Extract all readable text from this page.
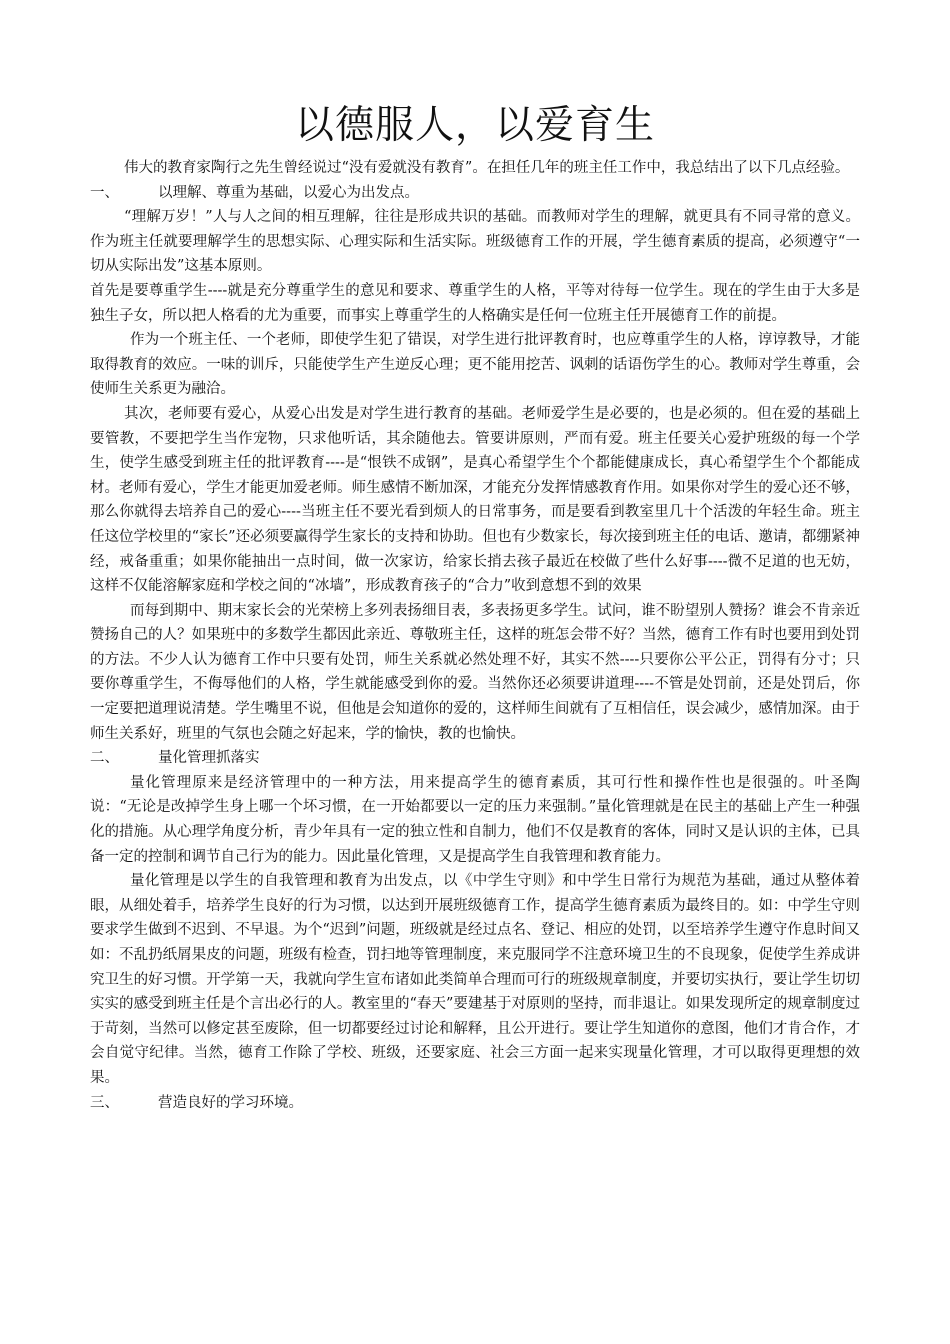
以德服人，以爱育生

伟大的教育家陶行之先生曾经说过“没有爱就没有教育”。在担任几年的班主任工作中，我总结出了以下几点经验。

一、	以理解、尊重为基础，以爱心为出发点。

“理解万岁！”人与人之间的相互理解，往往是形成共识的基础。而教师对学生的理解，就更具有不同寻常的意义。作为班主任就要理解学生的思想实际、心理实际和生活实际。班级德育工作的开展，学生德育素质的提高，必须遵守“一切从实际出发”这基本原则。

首先是要尊重学生----就是充分尊重学生的意见和要求、尊重学生的人格，平等对待每一位学生。现在的学生由于大多是独生子女，所以把人格看的尤为重要，而事实上尊重学生的人格确实是任何一位班主任开展德育工作的前提。

作为一个班主任、一个老师，即使学生犯了错误，对学生进行批评教育时，也应尊重学生的人格，谆谆教导，才能取得教育的效应。一味的训斥，只能使学生产生逆反心理；更不能用挖苦、讽刺的话语伤学生的心。教师对学生尊重，会使师生关系更为融洽。

其次，老师要有爱心，从爱心出发是对学生进行教育的基础。老师爱学生是必要的，也是必须的。但在爱的基础上要管教，不要把学生当作宠物，只求他听话，其余随他去。管要讲原则，严而有爱。班主任要关心爱护班级的每一个学生，使学生感受到班主任的批评教育----是“恨铁不成钢”，是真心希望学生个个都能健康成长，真心希望学生个个都能成材。老师有爱心，学生才能更加爱老师。师生感情不断加深，才能充分发挥情感教育作用。如果你对学生的爱心还不够，那么你就得去培养自己的爱心----当班主任不要光看到烦人的日常事务，而是要看到教室里几十个活泼的年轻生命。班主任这位学校里的“家长”还必须要赢得学生家长的支持和协助。但也有少数家长，每次接到班主任的电话、邀请，都绷紧神经，戒备重重；如果你能抽出一点时间，做一次家访，给家长捎去孩子最近在校做了些什么好事----微不足道的也无妨，这样不仅能溶解家庭和学校之间的“冰墙”，形成教育孩子的“合力”收到意想不到的效果

而每到期中、期末家长会的光荣榜上多列表扬细目表，多表扬更多学生。试问，谁不盼望别人赞扬？谁会不肯亲近赞扬自己的人？如果班中的多数学生都因此亲近、尊敬班主任，这样的班怎会带不好？当然，德育工作有时也要用到处罚的方法。不少人认为德育工作中只要有处罚，师生关系就必然处理不好，其实不然----只要你公平公正，罚得有分寸；只要你尊重学生，不侮辱他们的人格，学生就能感受到你的爱。当然你还必须要讲道理----不管是处罚前，还是处罚后，你一定要把道理说清楚。学生嘴里不说，但他是会知道你的爱的，这样师生间就有了互相信任，误会减少，感情加深。由于师生关系好，班里的气氛也会随之好起来，学的愉快，教的也愉快。

二、	量化管理抓落实

量化管理原来是经济管理中的一种方法，用来提高学生的德育素质，其可行性和操作性也是很强的。叶圣陶说：“无论是改掉学生身上哪一个坏习惯，在一开始都要以一定的压力来强制。”量化管理就是在民主的基础上产生一种强化的措施。从心理学角度分析，青少年具有一定的独立性和自制力，他们不仅是教育的客体，同时又是认识的主体，已具备一定的控制和调节自己行为的能力。因此量化管理，又是提高学生自我管理和教育能力。

量化管理是以学生的自我管理和教育为出发点，以《中学生守则》和中学生日常行为规范为基础，通过从整体着眼，从细处着手，培养学生良好的行为习惯，以达到开展班级德育工作，提高学生德育素质为最终目的。如：中学生守则要求学生做到不迟到、不早退。为个“迟到”问题，班级就是经过点名、登记、相应的处罚，以至培养学生遵守作息时间又如：不乱扔纸屑果皮的问题，班级有检查，罚扫地等管理制度，来克服同学不注意环境卫生的不良现象，促使学生养成讲究卫生的好习惯。开学第一天，我就向学生宣布诸如此类简单合理而可行的班级规章制度，并要切实执行，要让学生切切实实的感受到班主任是个言出必行的人。教室里的“春天”要建基于对原则的坚持，而非退让。如果发现所定的规章制度过于苛刻，当然可以修定甚至废除，但一切都要经过讨论和解释，且公开进行。要让学生知道你的意图，他们才肯合作，才会自觉守纪律。当然，德育工作除了学校、班级，还要家庭、社会三方面一起来实现量化管理，才可以取得更理想的效果。

三、	营造良好的学习环境。
